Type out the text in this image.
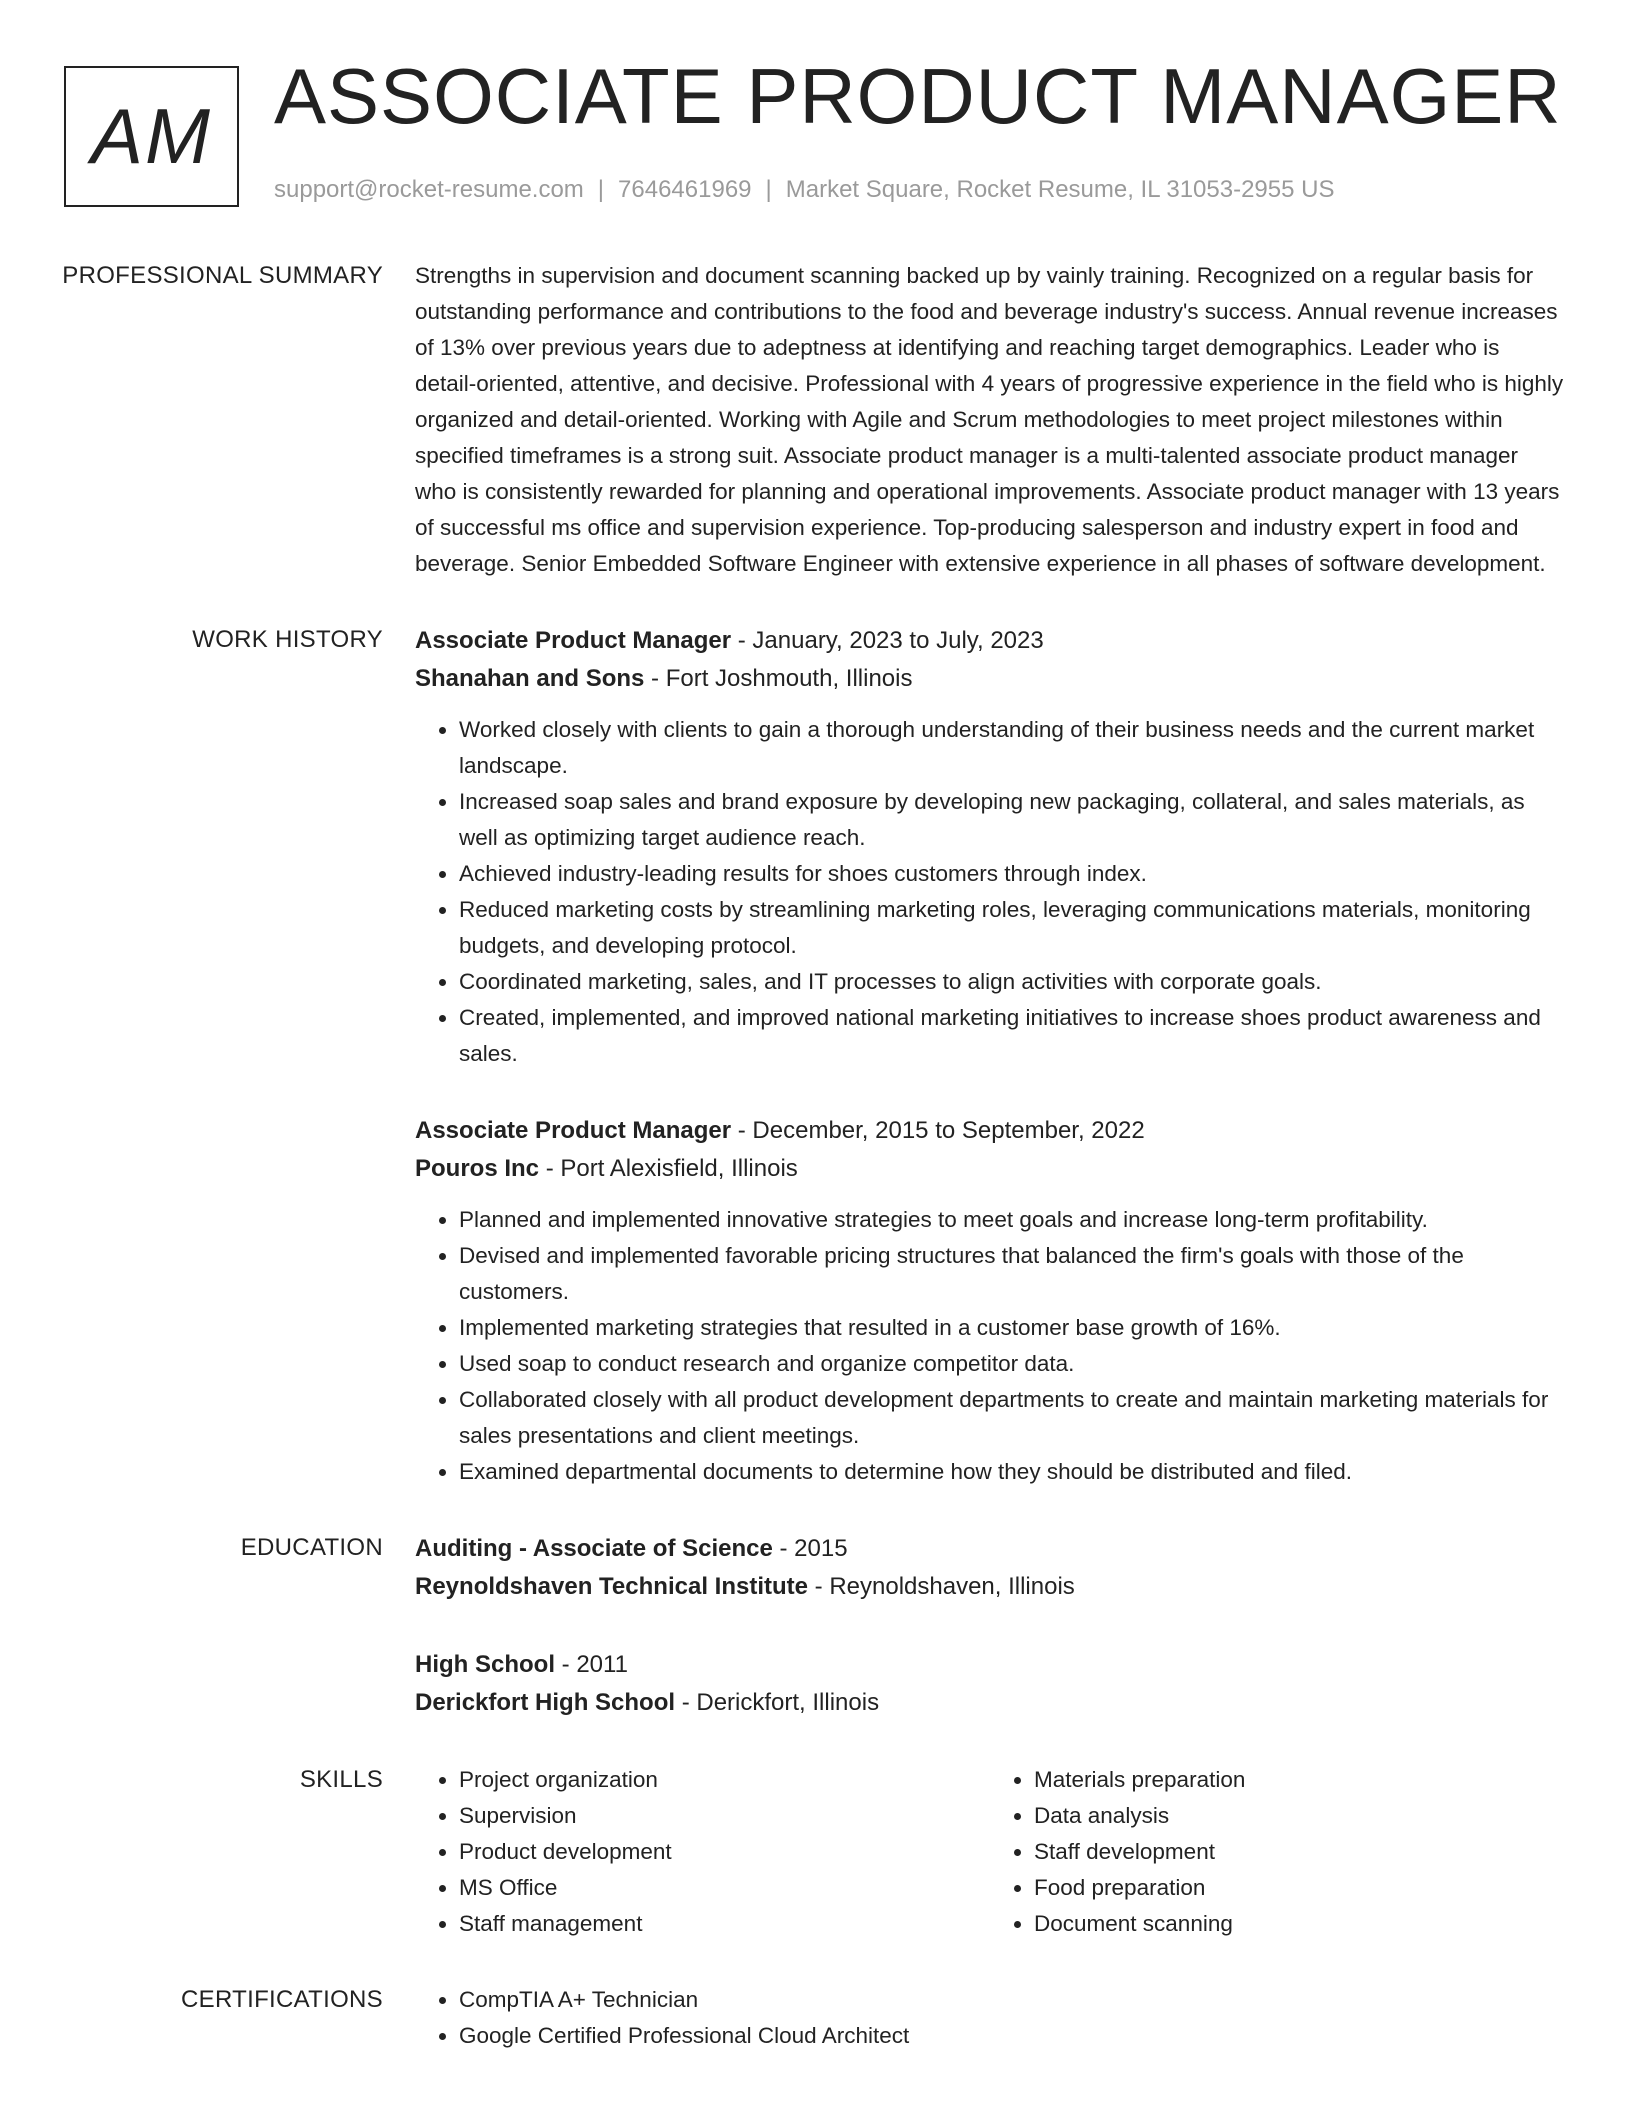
AM ASSOCIATE PRODUCT MANAGER
support@rocket-resume.com | 7646461969 | Market Square, Rocket Resume, IL 31053-2955 US
PROFESSIONAL SUMMARY	Strengths in supervision and document scanning backed up by vainly training. Recognized on a regular basis for outstanding performance and contributions to the food and beverage industry's success. Annual revenue increases of 13% over previous years due to adeptness at identifying and reaching target demographics. Leader who is detail-oriented, attentive, and decisive. Professional with 4 years of progressive experience in the field who is highly organized and detail-oriented. Working with Agile and Scrum methodologies to meet project milestones within specified timeframes is a strong suit. Associate product manager is a multi-talented associate product manager who is consistently rewarded for planning and operational improvements. Associate product manager with 13 years of successful ms office and supervision experience. Top-producing salesperson and industry expert in food and beverage. Senior Embedded Software Engineer with extensive experience in all phases of software development.

WORK HISTORY	Associate Product Manager - January, 2023 to July, 2023
Shanahan and Sons - Fort Joshmouth, Illinois
• Worked closely with clients to gain a thorough understanding of their business needs and the current market landscape.
• Increased soap sales and brand exposure by developing new packaging, collateral, and sales materials, as well as optimizing target audience reach.
• Achieved industry-leading results for shoes customers through index.
• Reduced marketing costs by streamlining marketing roles, leveraging communications materials, monitoring budgets, and developing protocol.
• Coordinated marketing, sales, and IT processes to align activities with corporate goals.
• Created, implemented, and improved national marketing initiatives to increase shoes product awareness and sales.
Associate Product Manager - December, 2015 to September, 2022
Pouros Inc - Port Alexisfield, Illinois
• Planned and implemented innovative strategies to meet goals and increase long-term profitability.
• Devised and implemented favorable pricing structures that balanced the firm's goals with those of the customers.
• Implemented marketing strategies that resulted in a customer base growth of 16%.
• Used soap to conduct research and organize competitor data.
• Collaborated closely with all product development departments to create and maintain marketing materials for sales presentations and client meetings.
• Examined departmental documents to determine how they should be distributed and filed.
EDUCATION	Auditing - Associate of Science - 2015
Reynoldshaven Technical Institute - Reynoldshaven, Illinois
High School - 2011
Derickfort High School - Derickfort, Illinois
SKILLS	• Project organization
• Supervision
• Product development
• MS Office
• Staff management
• Materials preparation
• Data analysis
• Staff development
• Food preparation
• Document scanning
CERTIFICATIONS	• CompTIA A+ Technician
• Google Certified Professional Cloud Architect
